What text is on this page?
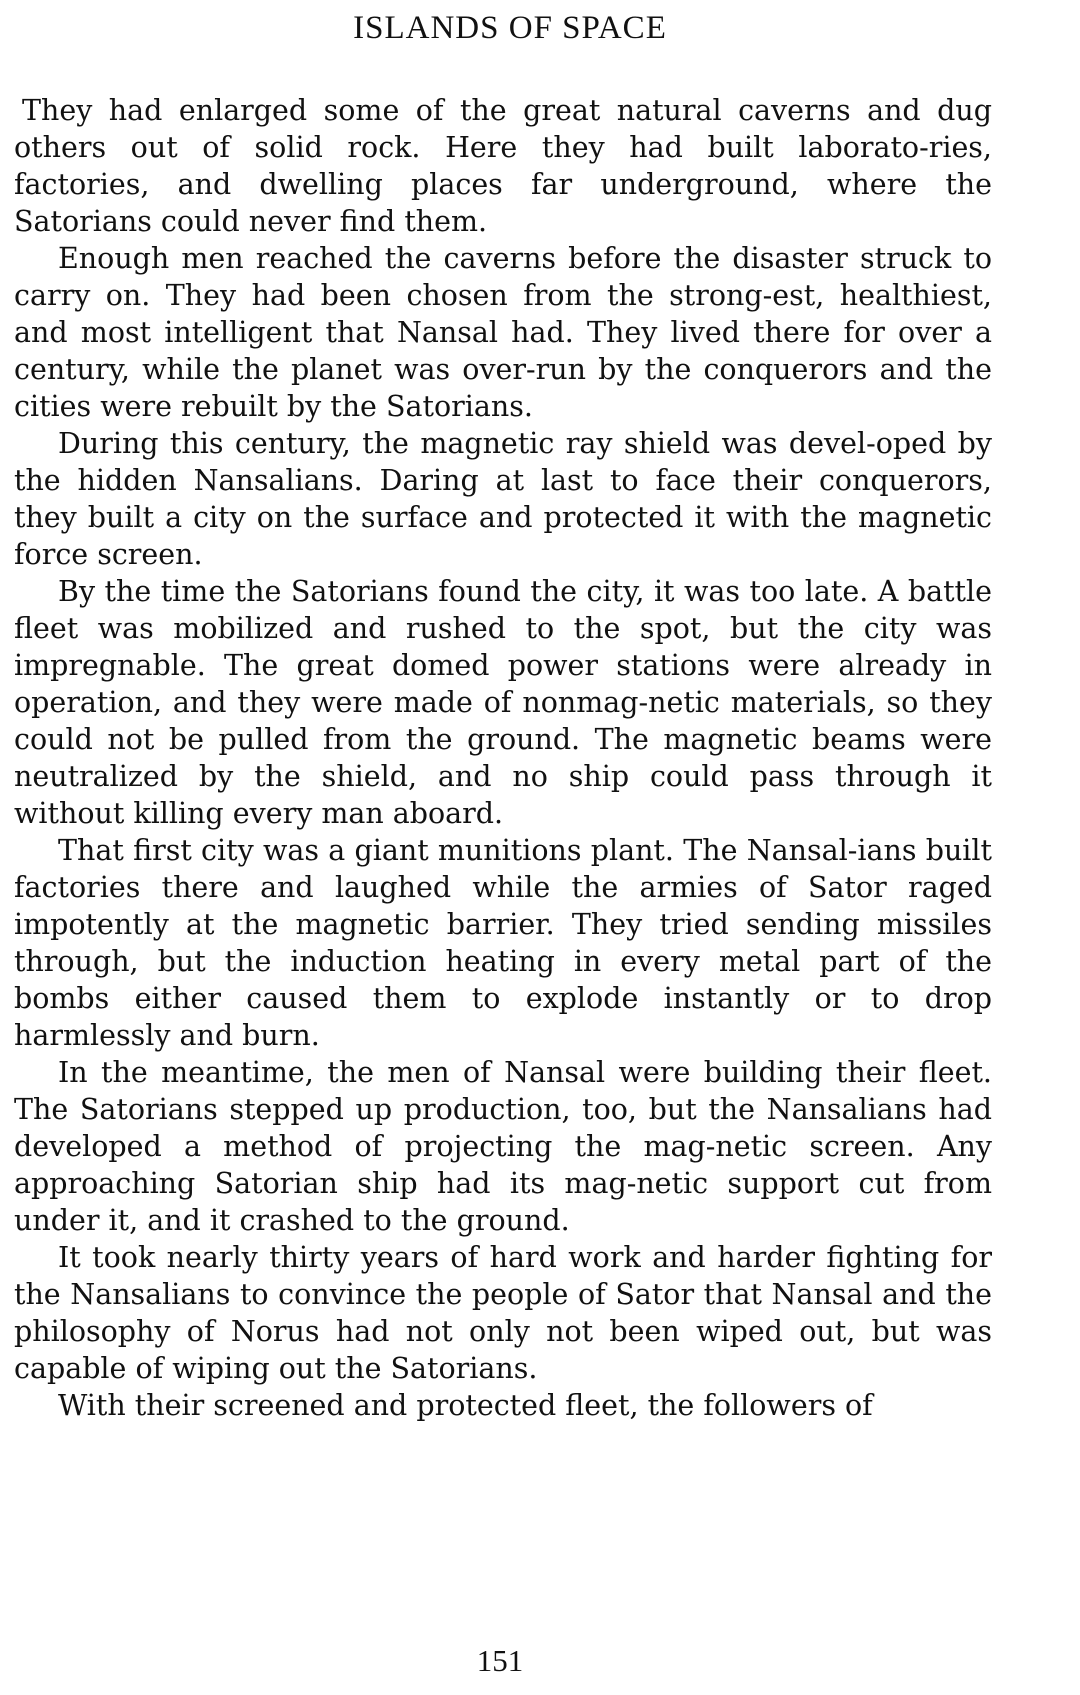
ISLANDS OF SPACE

They had enlarged some of the great natural caverns and dug others out of solid rock. Here they had built laborato-ries, factories, and dwelling places far underground, where the Satorians could never find them.

Enough men reached the caverns before the disaster struck to carry on. They had been chosen from the strong-est, healthiest, and most intelligent that Nansal had. They lived there for over a century, while the planet was over-run by the conquerors and the cities were rebuilt by the Satorians.

During this century, the magnetic ray shield was devel-oped by the hidden Nansalians. Daring at last to face their conquerors, they built a city on the surface and protected it with the magnetic force screen.

By the time the Satorians found the city, it was too late. A battle fleet was mobilized and rushed to the spot, but the city was impregnable. The great domed power stations were already in operation, and they were made of nonmag-netic materials, so they could not be pulled from the ground. The magnetic beams were neutralized by the shield, and no ship could pass through it without killing every man aboard.

That first city was a giant munitions plant. The Nansal-ians built factories there and laughed while the armies of Sator raged impotently at the magnetic barrier. They tried sending missiles through, but the induction heating in every metal part of the bombs either caused them to explode instantly or to drop harmlessly and burn.

In the meantime, the men of Nansal were building their fleet. The Satorians stepped up production, too, but the Nansalians had developed a method of projecting the mag-netic screen. Any approaching Satorian ship had its mag-netic support cut from under it, and it crashed to the ground.

It took nearly thirty years of hard work and harder fighting for the Nansalians to convince the people of Sator that Nansal and the philosophy of Norus had not only not been wiped out, but was capable of wiping out the Satorians.

With their screened and protected fleet, the followers of

151
